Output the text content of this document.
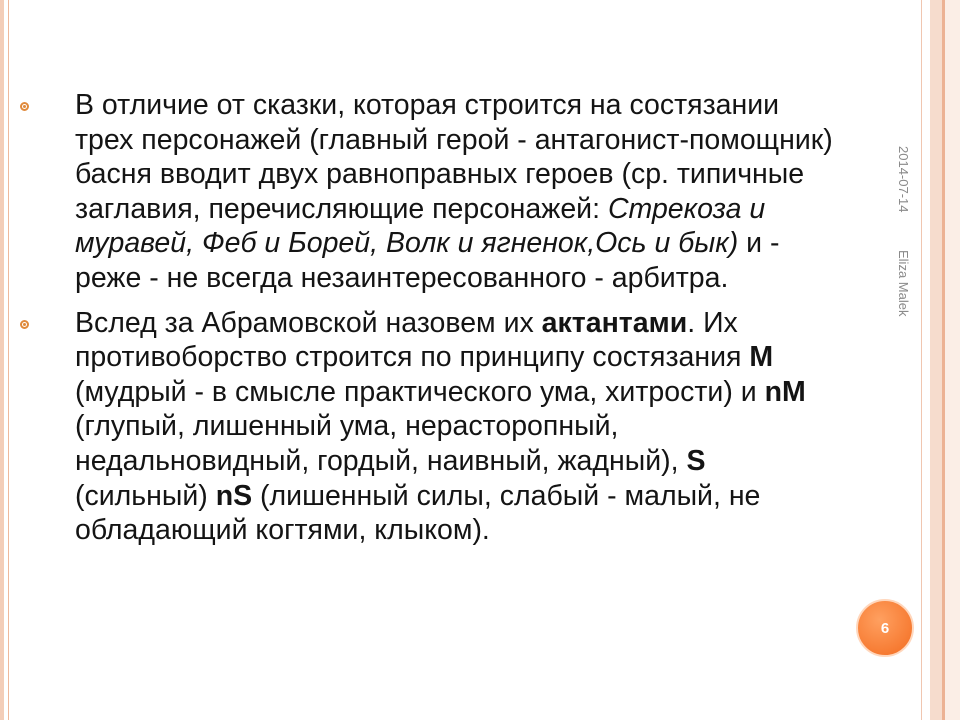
В отличие от сказки, которая строится на состязании трех персонажей (главный герой - антагонист-помощник) басня вводит двух равноправных героев (ср. типичные заглавия, перечисляющие персонажей: Стрекоза и муравей, Феб и Борей, Волк и ягненок,Ось и бык) и - реже - не всегда незаинтересованного - арбитра.

Вслед за Абрамовской назовем их актантами. Их противоборство строится по принципу состязания М (мудрый - в смысле практического ума, хитрости) и nM (глупый, лишенный ума, нерасторопный, недальновидный, гордый, наивный, жадный), S (сильный) nS (лишенный силы, слабый - малый, не обладающий когтями, клыком).

2014-07-14
Eliza Malek
6
